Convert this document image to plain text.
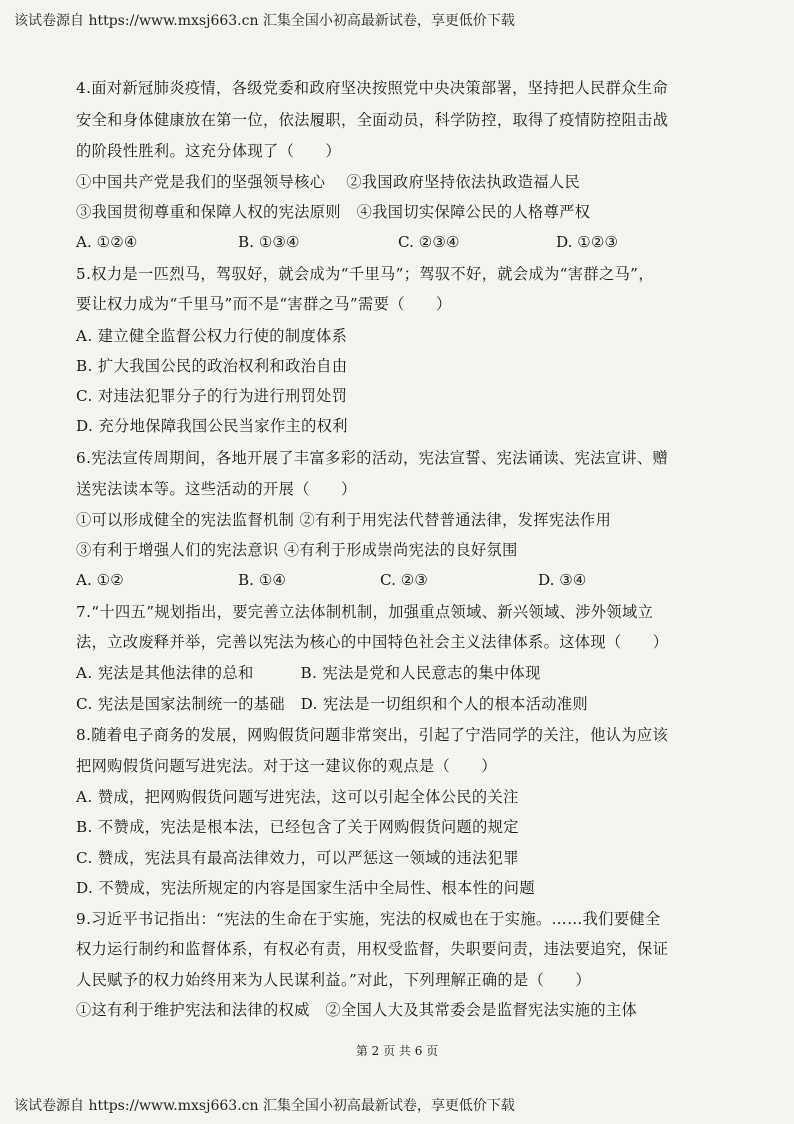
该试卷源自 https://www.mxsj663.cn 汇集全国小初高最新试卷，享更低价下载
4.面对新冠肺炎疫情，各级党委和政府坚决按照党中央决策部署，坚持把人民群众生命
安全和身体健康放在第一位，依法履职，全面动员，科学防控，取得了疫情防控阻击战
的阶段性胜利。这充分体现了（　　）
①中国共产党是我们的坚强领导核心　 ②我国政府坚持依法执政造福人民
③我国贯彻尊重和保障人权的宪法原则　④我国切实保障公民的人格尊严权
A. ①②④	B. ①③④	C. ②③④	D. ①②③
5.权力是一匹烈马，驾驭好，就会成为“千里马”；驾驭不好，就会成为“害群之马”，
要让权力成为“千里马”而不是“害群之马”需要（　　）
A. 建立健全监督公权力行使的制度体系
B. 扩大我国公民的政治权利和政治自由
C. 对违法犯罪分子的行为进行刑罚处罚
D. 充分地保障我国公民当家作主的权利
6.宪法宣传周期间，各地开展了丰富多彩的活动，宪法宣誓、宪法诵读、宪法宣讲、赠
送宪法读本等。这些活动的开展（　　）
①可以形成健全的宪法监督机制 ②有利于用宪法代替普通法律，发挥宪法作用
③有利于增强人们的宪法意识 ④有利于形成崇尚宪法的良好氛围
A. ①②	B. ①④	C. ②③	D. ③④
7.“十四五”规划指出，要完善立法体制机制，加强重点领域、新兴领域、涉外领域立
法，立改废释并举，完善以宪法为核心的中国特色社会主义法律体系。这体现（　　）
A. 宪法是其他法律的总和　　　B. 宪法是党和人民意志的集中体现
C. 宪法是国家法制统一的基础　D. 宪法是一切组织和个人的根本活动准则
8.随着电子商务的发展，网购假货问题非常突出，引起了宁浩同学的关注，他认为应该
把网购假货问题写进宪法。对于这一建议你的观点是（　　）
A. 赞成，把网购假货问题写进宪法，这可以引起全体公民的关注
B. 不赞成，宪法是根本法，已经包含了关于网购假货问题的规定
C. 赞成，宪法具有最高法律效力，可以严惩这一领域的违法犯罪
D. 不赞成，宪法所规定的内容是国家生活中全局性、根本性的问题
9.习近平书记指出：“宪法的生命在于实施，宪法的权威也在于实施。……我们要健全
权力运行制约和监督体系，有权必有责，用权受监督，失职要问责，违法要追究，保证
人民赋予的权力始终用来为人民谋利益。”对此，下列理解正确的是（　　）
①这有利于维护宪法和法律的权威　②全国人大及其常委会是监督宪法实施的主体
第 2 页 共 6 页
该试卷源自 https://www.mxsj663.cn 汇集全国小初高最新试卷，享更低价下载
